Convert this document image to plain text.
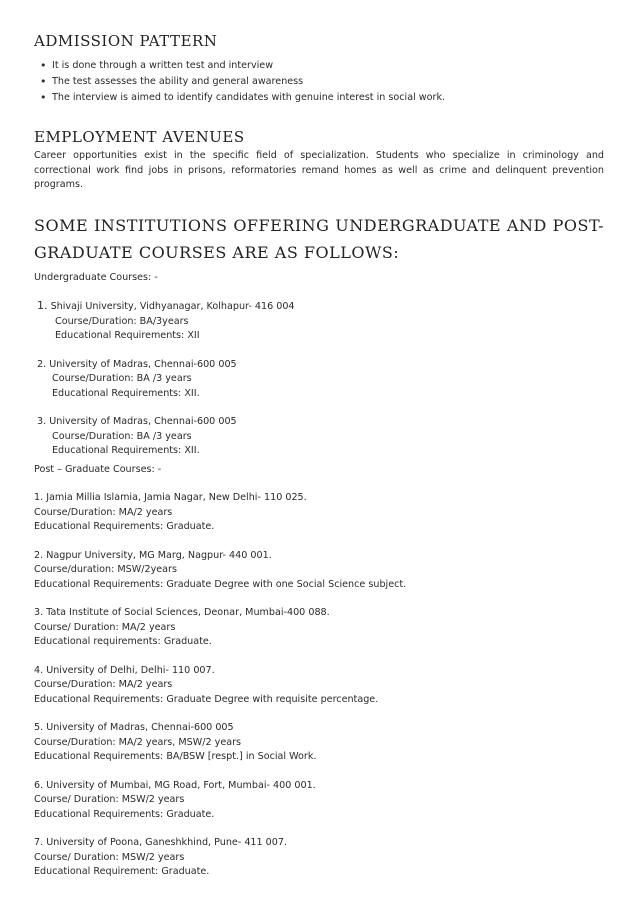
ADMISSION PATTERN
• It is done through a written test and interview
• The test assesses the ability and general awareness
• The interview is aimed to identify candidates with genuine interest in social work.
EMPLOYMENT AVENUES

Career opportunities exist in the specific field of specialization. Students who specialize in criminology and correctional work find jobs in prisons, reformatories remand homes as well as crime and delinquent prevention programs.

SOME INSTITUTIONS OFFERING UNDERGRADUATE AND POST-GRADUATE COURSES ARE AS FOLLOWS:

Undergraduate Courses: -

1. Shivaji University, Vidhyanagar, Kolhapur- 416 004
Course/Duration: BA/3years
Educational Requirements: XII
2. University of Madras, Chennai-600 005
Course/Duration: BA /3 years
Educational Requirements: XII.
3. University of Madras, Chennai-600 005
Course/Duration: BA /3 years
Educational Requirements: XII.

Post – Graduate Courses: -

1. Jamia Millia Islamia, Jamia Nagar, New Delhi- 110 025.
Course/Duration: MA/2 years
Educational Requirements: Graduate.
2. Nagpur University, MG Marg, Nagpur- 440 001.
Course/duration: MSW/2years
Educational Requirements: Graduate Degree with one Social Science subject.
3. Tata Institute of Social Sciences, Deonar, Mumbai-400 088.
Course/ Duration: MA/2 years
Educational requirements: Graduate.
4. University of Delhi, Delhi- 110 007.
Course/Duration: MA/2 years
Educational Requirements: Graduate Degree with requisite percentage.
5. University of Madras, Chennai-600 005
Course/Duration: MA/2 years, MSW/2 years
Educational Requirements: BA/BSW [respt.] in Social Work.
6. University of Mumbai, MG Road, Fort, Mumbai- 400 001.
Course/ Duration: MSW/2 years
Educational Requirements: Graduate.
7. University of Poona, Ganeshkhind, Pune- 411 007.
Course/ Duration: MSW/2 years
Educational Requirement: Graduate.
